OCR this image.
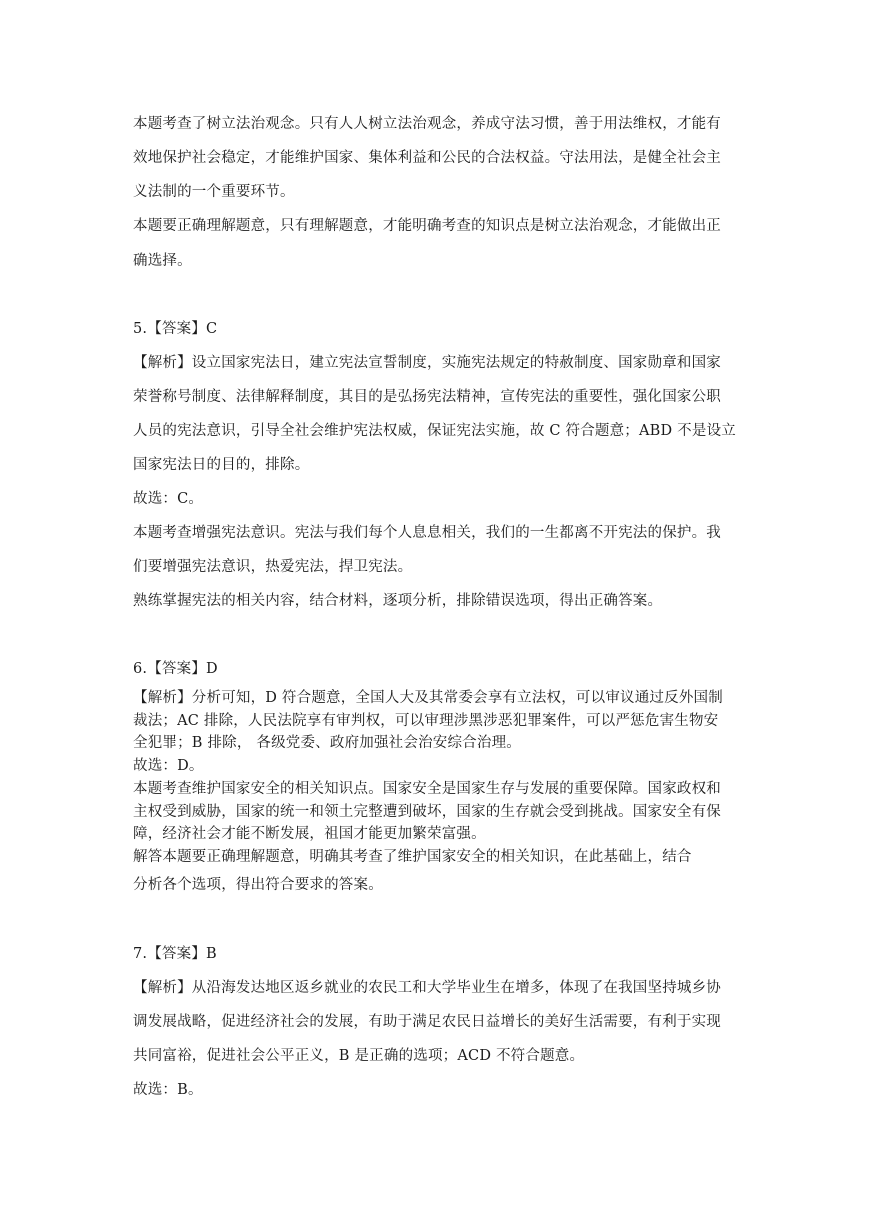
本题考查了树立法治观念。只有人人树立法治观念，养成守法习惯，善于用法维权，才能有
效地保护社会稳定，才能维护国家、集体利益和公民的合法权益。守法用法，是健全社会主
义法制的一个重要环节。
本题要正确理解题意，只有理解题意，才能明确考查的知识点是树立法治观念，才能做出正
确选择。
5.【答案】C
【解析】设立国家宪法日，建立宪法宣誓制度，实施宪法规定的特赦制度、国家勋章和国家
荣誉称号制度、法律解释制度，其目的是弘扬宪法精神，宣传宪法的重要性，强化国家公职
人员的宪法意识，引导全社会维护宪法权威，保证宪法实施，故 C 符合题意；ABD 不是设立
国家宪法日的目的，排除。
故选：C。
本题考查增强宪法意识。宪法与我们每个人息息相关，我们的一生都离不开宪法的保护。我
们要增强宪法意识，热爱宪法，捍卫宪法。
熟练掌握宪法的相关内容，结合材料，逐项分析，排除错误选项，得出正确答案。
6.【答案】D
【解析】分析可知，D 符合题意，全国人大及其常委会享有立法权，可以审议通过反外国制
裁法；AC 排除，人民法院享有审判权，可以审理涉黑涉恶犯罪案件，可以严惩危害生物安
全犯罪；B 排除， 各级党委、政府加强社会治安综合治理。
故选：D。
本题考查维护国家安全的相关知识点。国家安全是国家生存与发展的重要保障。国家政权和
主权受到威胁，国家的统一和领土完整遭到破坏，国家的生存就会受到挑战。国家安全有保
障，经济社会才能不断发展，祖国才能更加繁荣富强。
解答本题要正确理解题意，明确其考查了维护国家安全的相关知识，在此基础上，结合
分析各个选项，得出符合要求的答案。
7.【答案】B
【解析】从沿海发达地区返乡就业的农民工和大学毕业生在增多，体现了在我国坚持城乡协
调发展战略，促进经济社会的发展，有助于满足农民日益增长的美好生活需要，有利于实现
共同富裕，促进社会公平正义，B 是正确的选项；ACD 不符合题意。
故选：B。
